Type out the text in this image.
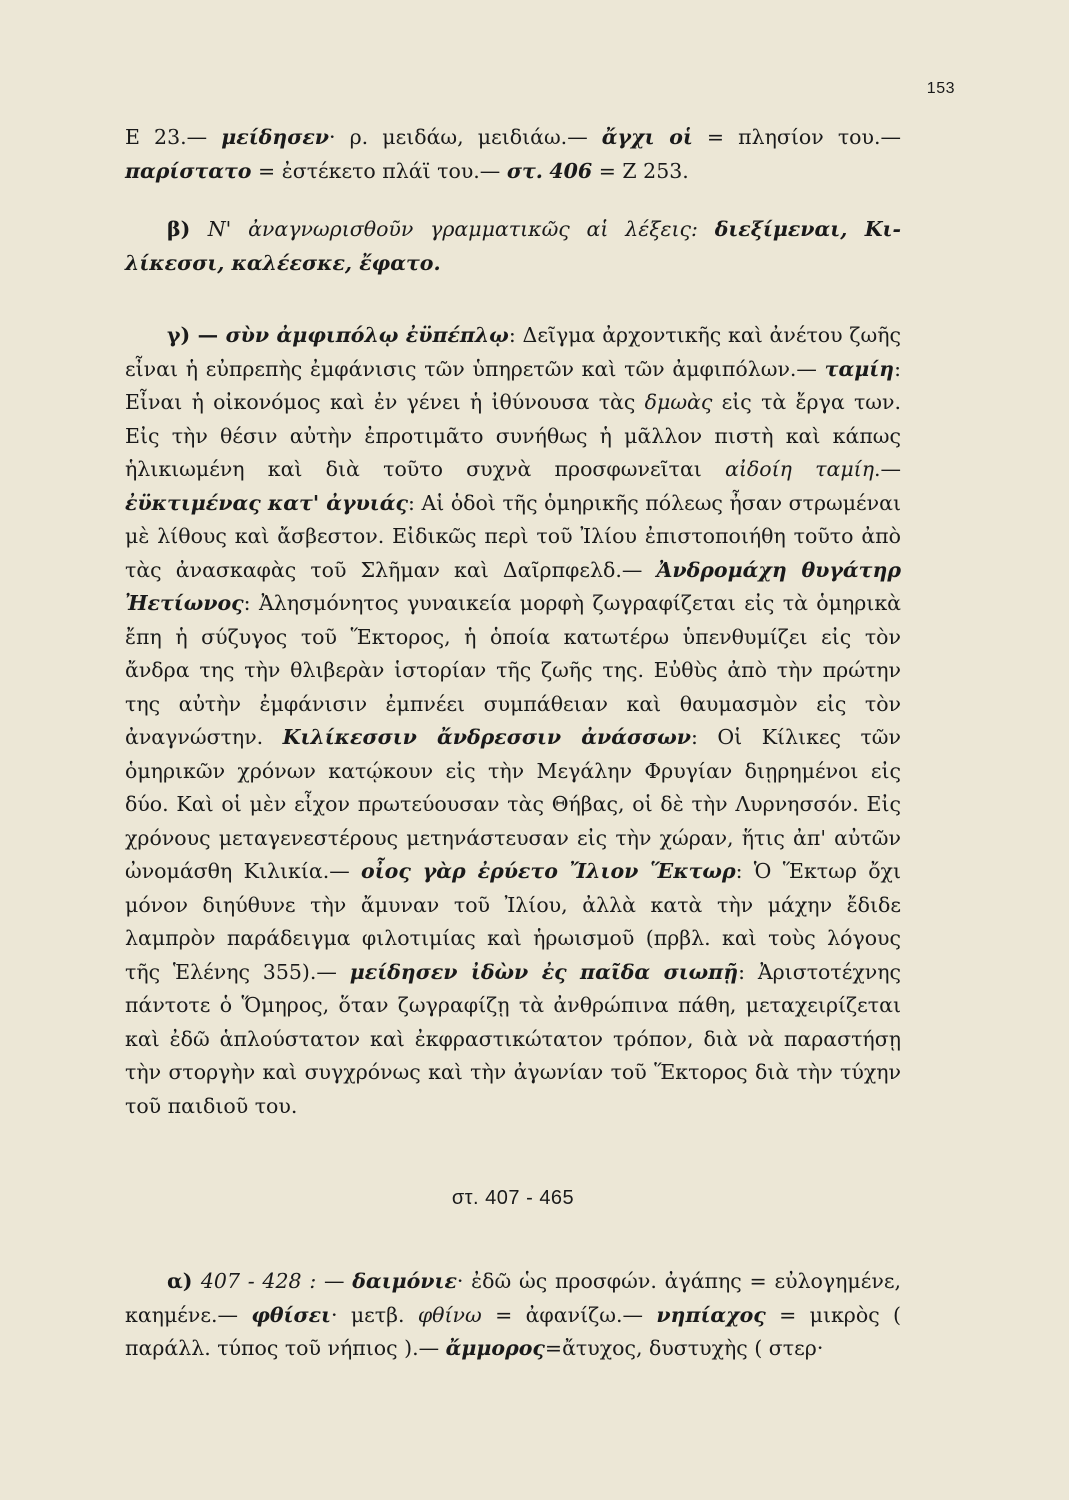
153

Ε 23.— μείδησεν· ρ. μειδάω, μειδιάω.— ἄγχι οἱ = πλησίον του.— παρίστατο = ἐστέκετο πλάϊ του.— στ. 406 = Ζ 253.

β) Ν' ἀναγνωρισθοῦν γραμματικῶς αἱ λέξεις: διεξίμεναι, Κι-λίκεσσι, καλέεσκε, ἔφατο.

γ) — σὺν ἀμφιπόλῳ ἐϋπέπλῳ: Δεῖγμα ἀρχοντικῆς καὶ ἀνέτου ζωῆς εἶναι ἡ εὐπρεπὴς ἐμφάνισις τῶν ὑπηρετῶν καὶ τῶν ἀμφιπόλων.— ταμίη: Εἶναι ἡ οἰκονόμος καὶ ἐν γένει ἡ ἰθύνουσα τὰς δμωὰς εἰς τὰ ἔργα των. Εἰς τὴν θέσιν αὐτὴν ἐπροτιμᾶτο συνήθως ἡ μᾶλλον πιστὴ καὶ κάπως ἡλικιωμένη καὶ διὰ τοῦτο συχνὰ προσφωνεῖται αἰδοίη ταμίη.— ἐϋκτιμένας κατ' ἀγυιάς: Αἱ ὁδοὶ τῆς ὁμηρικῆς πόλεως ἦσαν στρωμέναι μὲ λίθους καὶ ἄσβεστον. Εἰδικῶς περὶ τοῦ Ἰλίου ἐπιστοποιήθη τοῦτο ἀπὸ τὰς ἀνασκαφὰς τοῦ Σλῆμαν καὶ Δαῖρπφελδ.— Ἀνδρομάχη θυγάτηρ Ἠετίωνος: Ἀλησμόνητος γυναικεία μορφὴ ζωγραφίζεται εἰς τὰ ὁμηρικὰ ἔπη ἡ σύζυγος τοῦ Ἕκτορος, ἡ ὁποία κατωτέρω ὑπενθυμίζει εἰς τὸν ἄνδρα της τὴν θλιβερὰν ἱστορίαν τῆς ζωῆς της. Εὐθὺς ἀπὸ τὴν πρώτην της αὐτὴν ἐμφάνισιν ἐμπνέει συμπάθειαν καὶ θαυμασμὸν εἰς τὸν ἀναγνώστην. Κιλίκεσσιν ἄνδρεσσιν ἀνάσσων: Οἱ Κίλικες τῶν ὁμηρικῶν χρόνων κατῴκουν εἰς τὴν Μεγάλην Φρυγίαν διῃρημένοι εἰς δύο. Καὶ οἱ μὲν εἶχον πρωτεύουσαν τὰς Θήβας, οἱ δὲ τὴν Λυρνησσόν. Εἰς χρόνους μεταγενεστέρους μετηνάστευσαν εἰς τὴν χώραν, ἥτις ἀπ' αὐτῶν ὠνομάσθη Κιλικία.— οἶος γὰρ ἐρύετο Ἴλιον Ἕκτωρ: Ὁ Ἕκτωρ ὄχι μόνον διηύθυνε τὴν ἄμυναν τοῦ Ἰλίου, ἀλλὰ κατὰ τὴν μάχην ἔδιδε λαμπρὸν παράδειγμα φιλοτιμίας καὶ ἡρωισμοῦ (πρβλ. καὶ τοὺς λόγους τῆς Ἑλένης 355).— μείδησεν ἰδὼν ἐς παῖδα σιωπῇ: Ἀριστοτέχνης πάντοτε ὁ Ὅμηρος, ὅταν ζωγραφίζῃ τὰ ἀνθρώπινα πάθη, μεταχειρίζεται καὶ ἐδῶ ἁπλούστατον καὶ ἐκφραστικώτατον τρόπον, διὰ νὰ παραστήσῃ τὴν στοργὴν καὶ συγχρόνως καὶ τὴν ἀγωνίαν τοῦ Ἕκτορος διὰ τὴν τύχην τοῦ παιδιοῦ του.

στ. 407 - 465

α) 407 - 428 : — δαιμόνιε· ἐδῶ ὡς προσφών. ἀγάπης = εὐλογημένε, καημένε.— φθίσει· μετβ. φθίνω = ἀφανίζω.— νηπίαχος = μικρὸς ( παράλλ. τύπος τοῦ νήπιος ).— ἄμμορος=ἄτυχος, δυστυχὴς ( στερ·
